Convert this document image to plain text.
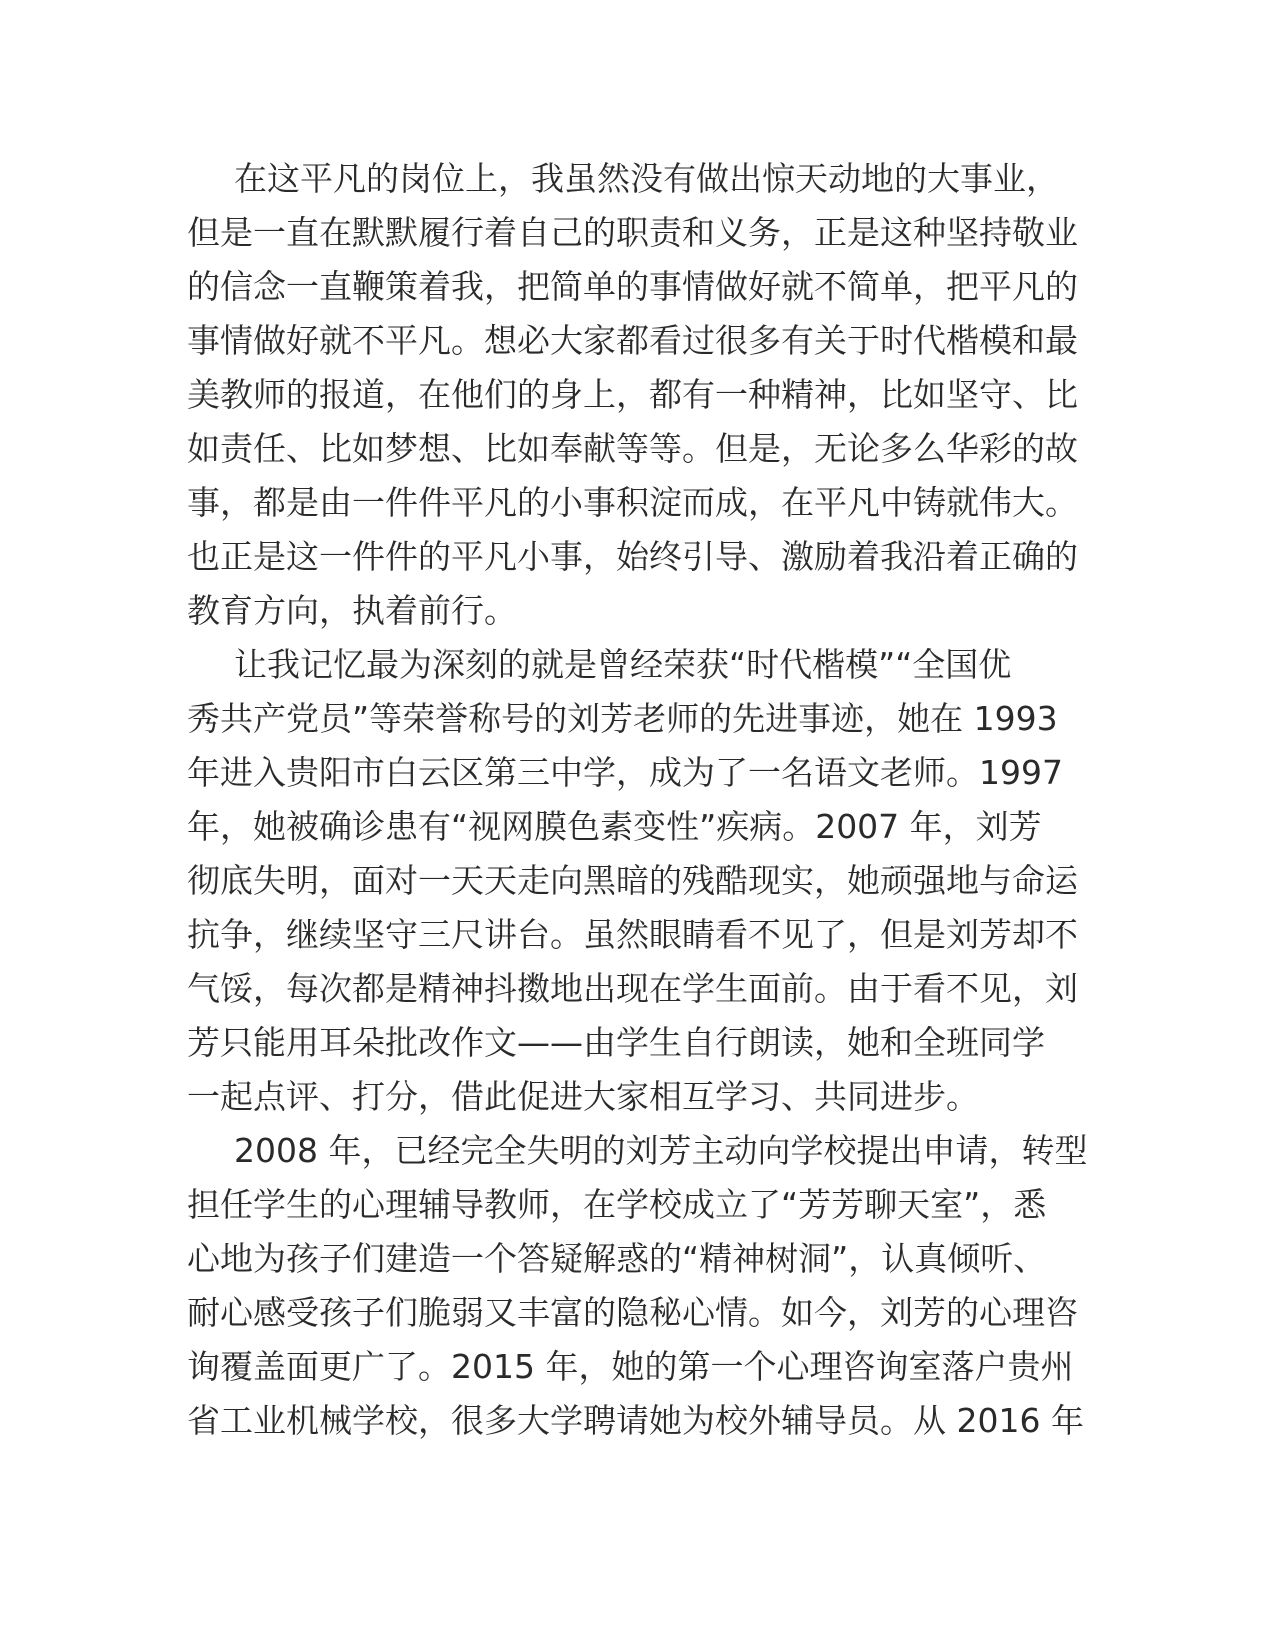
在这平凡的岗位上，我虽然没有做出惊天动地的大事业，
但是一直在默默履行着自己的职责和义务，正是这种坚持敬业
的信念一直鞭策着我，把简单的事情做好就不简单，把平凡的
事情做好就不平凡。想必大家都看过很多有关于时代楷模和最
美教师的报道，在他们的身上，都有一种精神，比如坚守、比
如责任、比如梦想、比如奉献等等。但是，无论多么华彩的故
事，都是由一件件平凡的小事积淀而成，在平凡中铸就伟大。
也正是这一件件的平凡小事，始终引导、激励着我沿着正确的
教育方向，执着前行。
让我记忆最为深刻的就是曾经荣获“时代楷模”“全国优
秀共产党员”等荣誉称号的刘芳老师的先进事迹，她在 1993
年进入贵阳市白云区第三中学，成为了一名语文老师。1997
年，她被确诊患有“视网膜色素变性”疾病。2007 年，刘芳
彻底失明，面对一天天走向黑暗的残酷现实，她顽强地与命运
抗争，继续坚守三尺讲台。虽然眼睛看不见了，但是刘芳却不
气馁，每次都是精神抖擞地出现在学生面前。由于看不见，刘
芳只能用耳朵批改作文——由学生自行朗读，她和全班同学
一起点评、打分，借此促进大家相互学习、共同进步。
2008 年，已经完全失明的刘芳主动向学校提出申请，转型
担任学生的心理辅导教师，在学校成立了“芳芳聊天室”，悉
心地为孩子们建造一个答疑解惑的“精神树洞”，认真倾听、
耐心感受孩子们脆弱又丰富的隐秘心情。如今，刘芳的心理咨
询覆盖面更广了。2015 年，她的第一个心理咨询室落户贵州
省工业机械学校，很多大学聘请她为校外辅导员。从 2016 年
